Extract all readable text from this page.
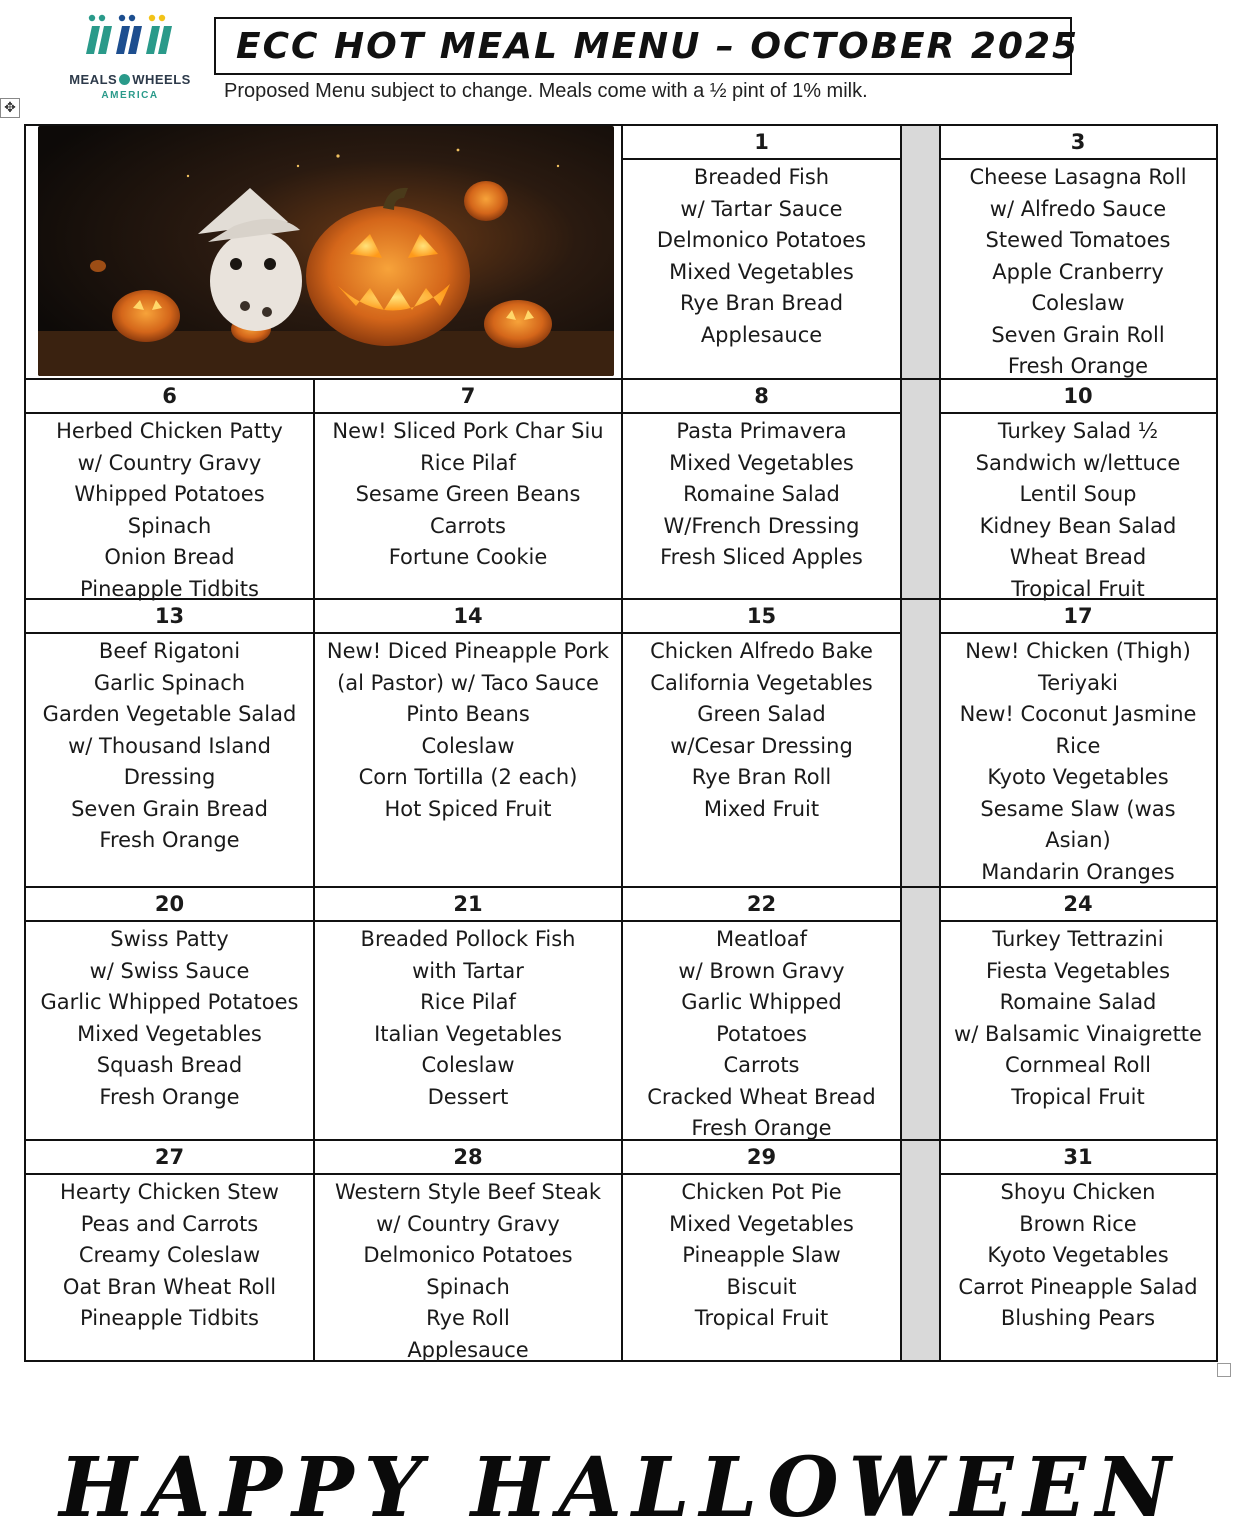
MEALS WHEELS
AMERICA
ECC HOT MEAL MENU – OCTOBER 2025
Proposed Menu subject to change. Meals come with a ½ pint of 1% milk.
✥
1
Breaded Fish
w/ Tartar Sauce
Delmonico Potatoes
Mixed Vegetables
Rye Bran Bread
Applesauce
3
Cheese Lasagna Roll
w/ Alfredo Sauce
Stewed Tomatoes
Apple Cranberry
Coleslaw
Seven Grain Roll
Fresh Orange
6
Herbed Chicken Patty
w/ Country Gravy
Whipped Potatoes
Spinach
Onion Bread
Pineapple Tidbits
7
New! Sliced Pork Char Siu
Rice Pilaf
Sesame Green Beans
Carrots
Fortune Cookie
8
Pasta Primavera
Mixed Vegetables
Romaine Salad
W/French Dressing
Fresh Sliced Apples
10
Turkey Salad ½
Sandwich w/lettuce
Lentil Soup
Kidney Bean Salad
Wheat Bread
Tropical Fruit
13
Beef Rigatoni
Garlic Spinach
Garden Vegetable Salad
w/ Thousand Island
Dressing
Seven Grain Bread
Fresh Orange
14
New! Diced Pineapple Pork
(al Pastor) w/ Taco Sauce
Pinto Beans
Coleslaw
Corn Tortilla (2 each)
Hot Spiced Fruit
15
Chicken Alfredo Bake
California Vegetables
Green Salad
w/Cesar Dressing
Rye Bran Roll
Mixed Fruit
17
New! Chicken (Thigh)
Teriyaki
New! Coconut Jasmine
Rice
Kyoto Vegetables
Sesame Slaw (was
Asian)
Mandarin Oranges
20
Swiss Patty
w/ Swiss Sauce
Garlic Whipped Potatoes
Mixed Vegetables
Squash Bread
Fresh Orange
21
Breaded Pollock Fish
with Tartar
Rice Pilaf
Italian Vegetables
Coleslaw
Dessert
22
Meatloaf
w/ Brown Gravy
Garlic Whipped
Potatoes
Carrots
Cracked Wheat Bread
Fresh Orange
24
Turkey Tettrazini
Fiesta Vegetables
Romaine Salad
w/ Balsamic Vinaigrette
Cornmeal Roll
Tropical Fruit
27
Hearty Chicken Stew
Peas and Carrots
Creamy Coleslaw
Oat Bran Wheat Roll
Pineapple Tidbits
28
Western Style Beef Steak
w/ Country Gravy
Delmonico Potatoes
Spinach
Rye Roll
Applesauce
29
Chicken Pot Pie
Mixed Vegetables
Pineapple Slaw
Biscuit
Tropical Fruit
31
Shoyu Chicken
Brown Rice
Kyoto Vegetables
Carrot Pineapple Salad
Blushing Pears
HAPPY HALLOWEEN
